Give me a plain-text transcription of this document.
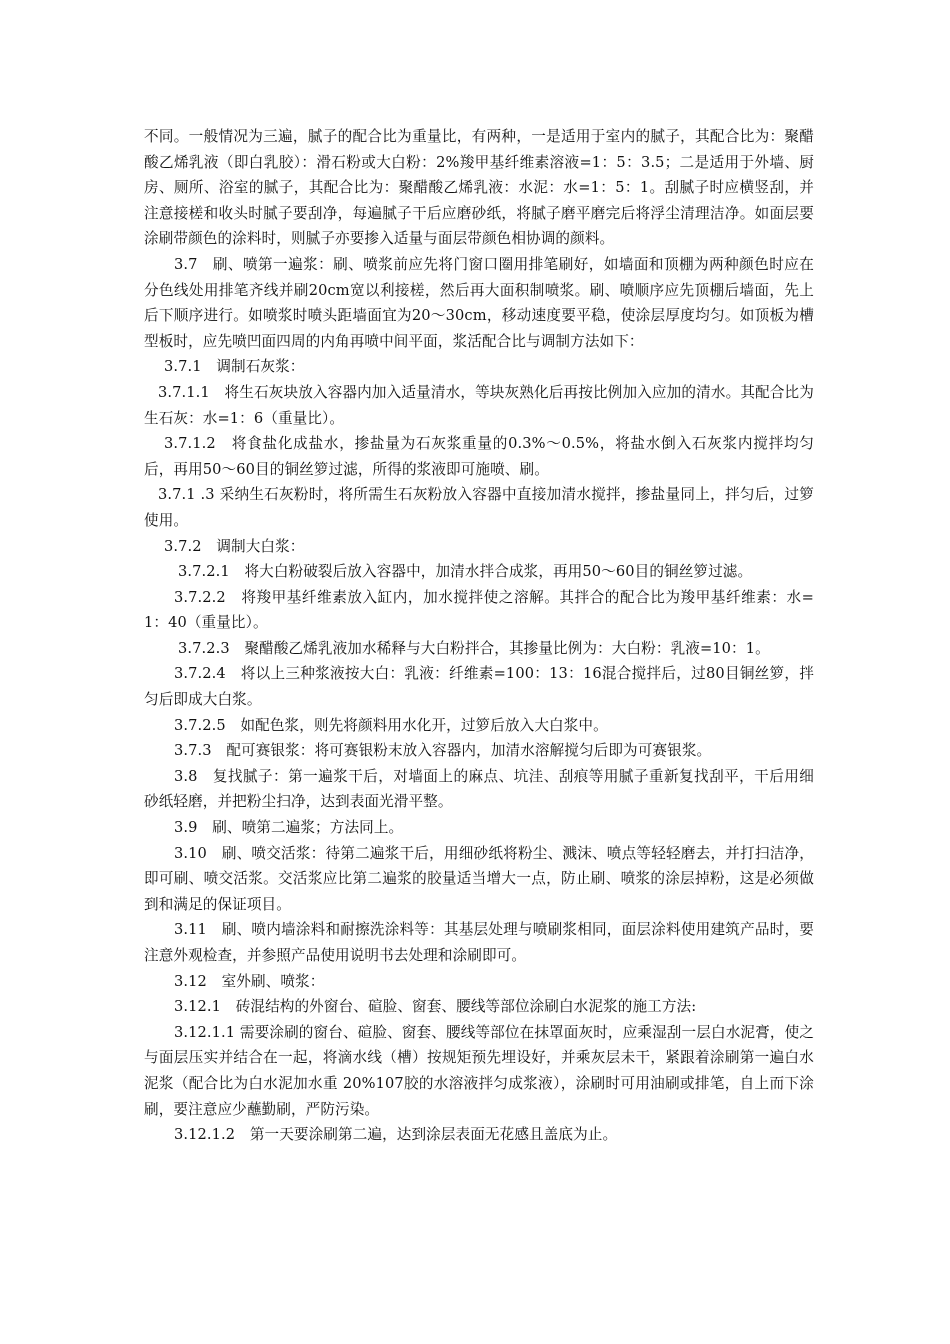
不同。一般情况为三遍，腻子的配合比为重量比，有两种，一是适用于室内的腻子，其配合比为：聚醋酸乙烯乳液（即白乳胶）：滑石粉或大白粉：2%羧甲基纤维素溶液=1：5：3.5；二是适用于外墙、厨房、厕所、浴室的腻子，其配合比为：聚醋酸乙烯乳液：水泥：水=1：5：1。刮腻子时应横竖刮，并注意接槎和收头时腻子要刮净，每遍腻子干后应磨砂纸，将腻子磨平磨完后将浮尘清理洁净。如面层要涂刷带颜色的涂料时，则腻子亦要掺入适量与面层带颜色相协调的颜料。

3.7　刷、喷第一遍浆：刷、喷浆前应先将门窗口圈用排笔刷好，如墙面和顶棚为两种颜色时应在分色线处用排笔齐线并刷20cm宽以利接槎，然后再大面积制喷浆。刷、喷顺序应先顶棚后墙面，先上后下顺序进行。如喷浆时喷头距墙面宜为20～30cm，移动速度要平稳，使涂层厚度均匀。如顶板为槽型板时，应先喷凹面四周的内角再喷中间平面，浆活配合比与调制方法如下：

3.7.1　调制石灰浆：

3.7.1.1　将生石灰块放入容器内加入适量清水，等块灰熟化后再按比例加入应加的清水。其配合比为生石灰：水=1：6（重量比）。

3.7.1.2　将食盐化成盐水，掺盐量为石灰浆重量的0.3%～0.5%，将盐水倒入石灰浆内搅拌均匀后，再用50～60目的铜丝箩过滤，所得的浆液即可施喷、刷。

3.7.1 .3 采纳生石灰粉时，将所需生石灰粉放入容器中直接加清水搅拌，掺盐量同上，拌匀后，过箩使用。

3.7.2　调制大白浆：

3.7.2.1　将大白粉破裂后放入容器中，加清水拌合成浆，再用50～60目的铜丝箩过滤。

3.7.2.2　将羧甲基纤维素放入缸内，加水搅拌使之溶解。其拌合的配合比为羧甲基纤维素：水=1：40（重量比）。

3.7.2.3　聚醋酸乙烯乳液加水稀释与大白粉拌合，其掺量比例为：大白粉：乳液=10：1。

3.7.2.4　将以上三种浆液按大白：乳液：纤维素=100：13：16混合搅拌后，过80目铜丝箩，拌匀后即成大白浆。

3.7.2.5　如配色浆，则先将颜料用水化开，过箩后放入大白浆中。

3.7.3　配可赛银浆：将可赛银粉末放入容器内，加清水溶解搅匀后即为可赛银浆。

3.8　复找腻子：第一遍浆干后，对墙面上的麻点、坑洼、刮痕等用腻子重新复找刮平，干后用细砂纸轻磨，并把粉尘扫净，达到表面光滑平整。

3.9　刷、喷第二遍浆；方法同上。

3.10　刷、喷交活浆：待第二遍浆干后，用细砂纸将粉尘、溅沫、喷点等轻轻磨去，并打扫洁净，即可刷、喷交活浆。交活浆应比第二遍浆的胶量适当增大一点，防止刷、喷浆的涂层掉粉，这是必须做到和满足的保证项目。

3.11　刷、喷内墙涂料和耐擦洗涂料等：其基层处理与喷刷浆相同，面层涂料使用建筑产品时，要注意外观检查，并参照产品使用说明书去处理和涂刷即可。

3.12　室外刷、喷浆：

3.12.1　砖混结构的外窗台、碹脸、窗套、腰线等部位涂刷白水泥浆的施工方法:

3.12.1.1 需要涂刷的窗台、碹脸、窗套、腰线等部位在抹罩面灰时，应乘湿刮一层白水泥膏，使之与面层压实并结合在一起，将滴水线（槽）按规矩预先埋设好，并乘灰层未干，紧跟着涂刷第一遍白水泥浆（配合比为白水泥加水重 20%107胶的水溶液拌匀成浆液），涂刷时可用油刷或排笔，自上而下涂刷，要注意应少蘸勤刷，严防污染。

3.12.1.2　第一天要涂刷第二遍，达到涂层表面无花感且盖底为止。
